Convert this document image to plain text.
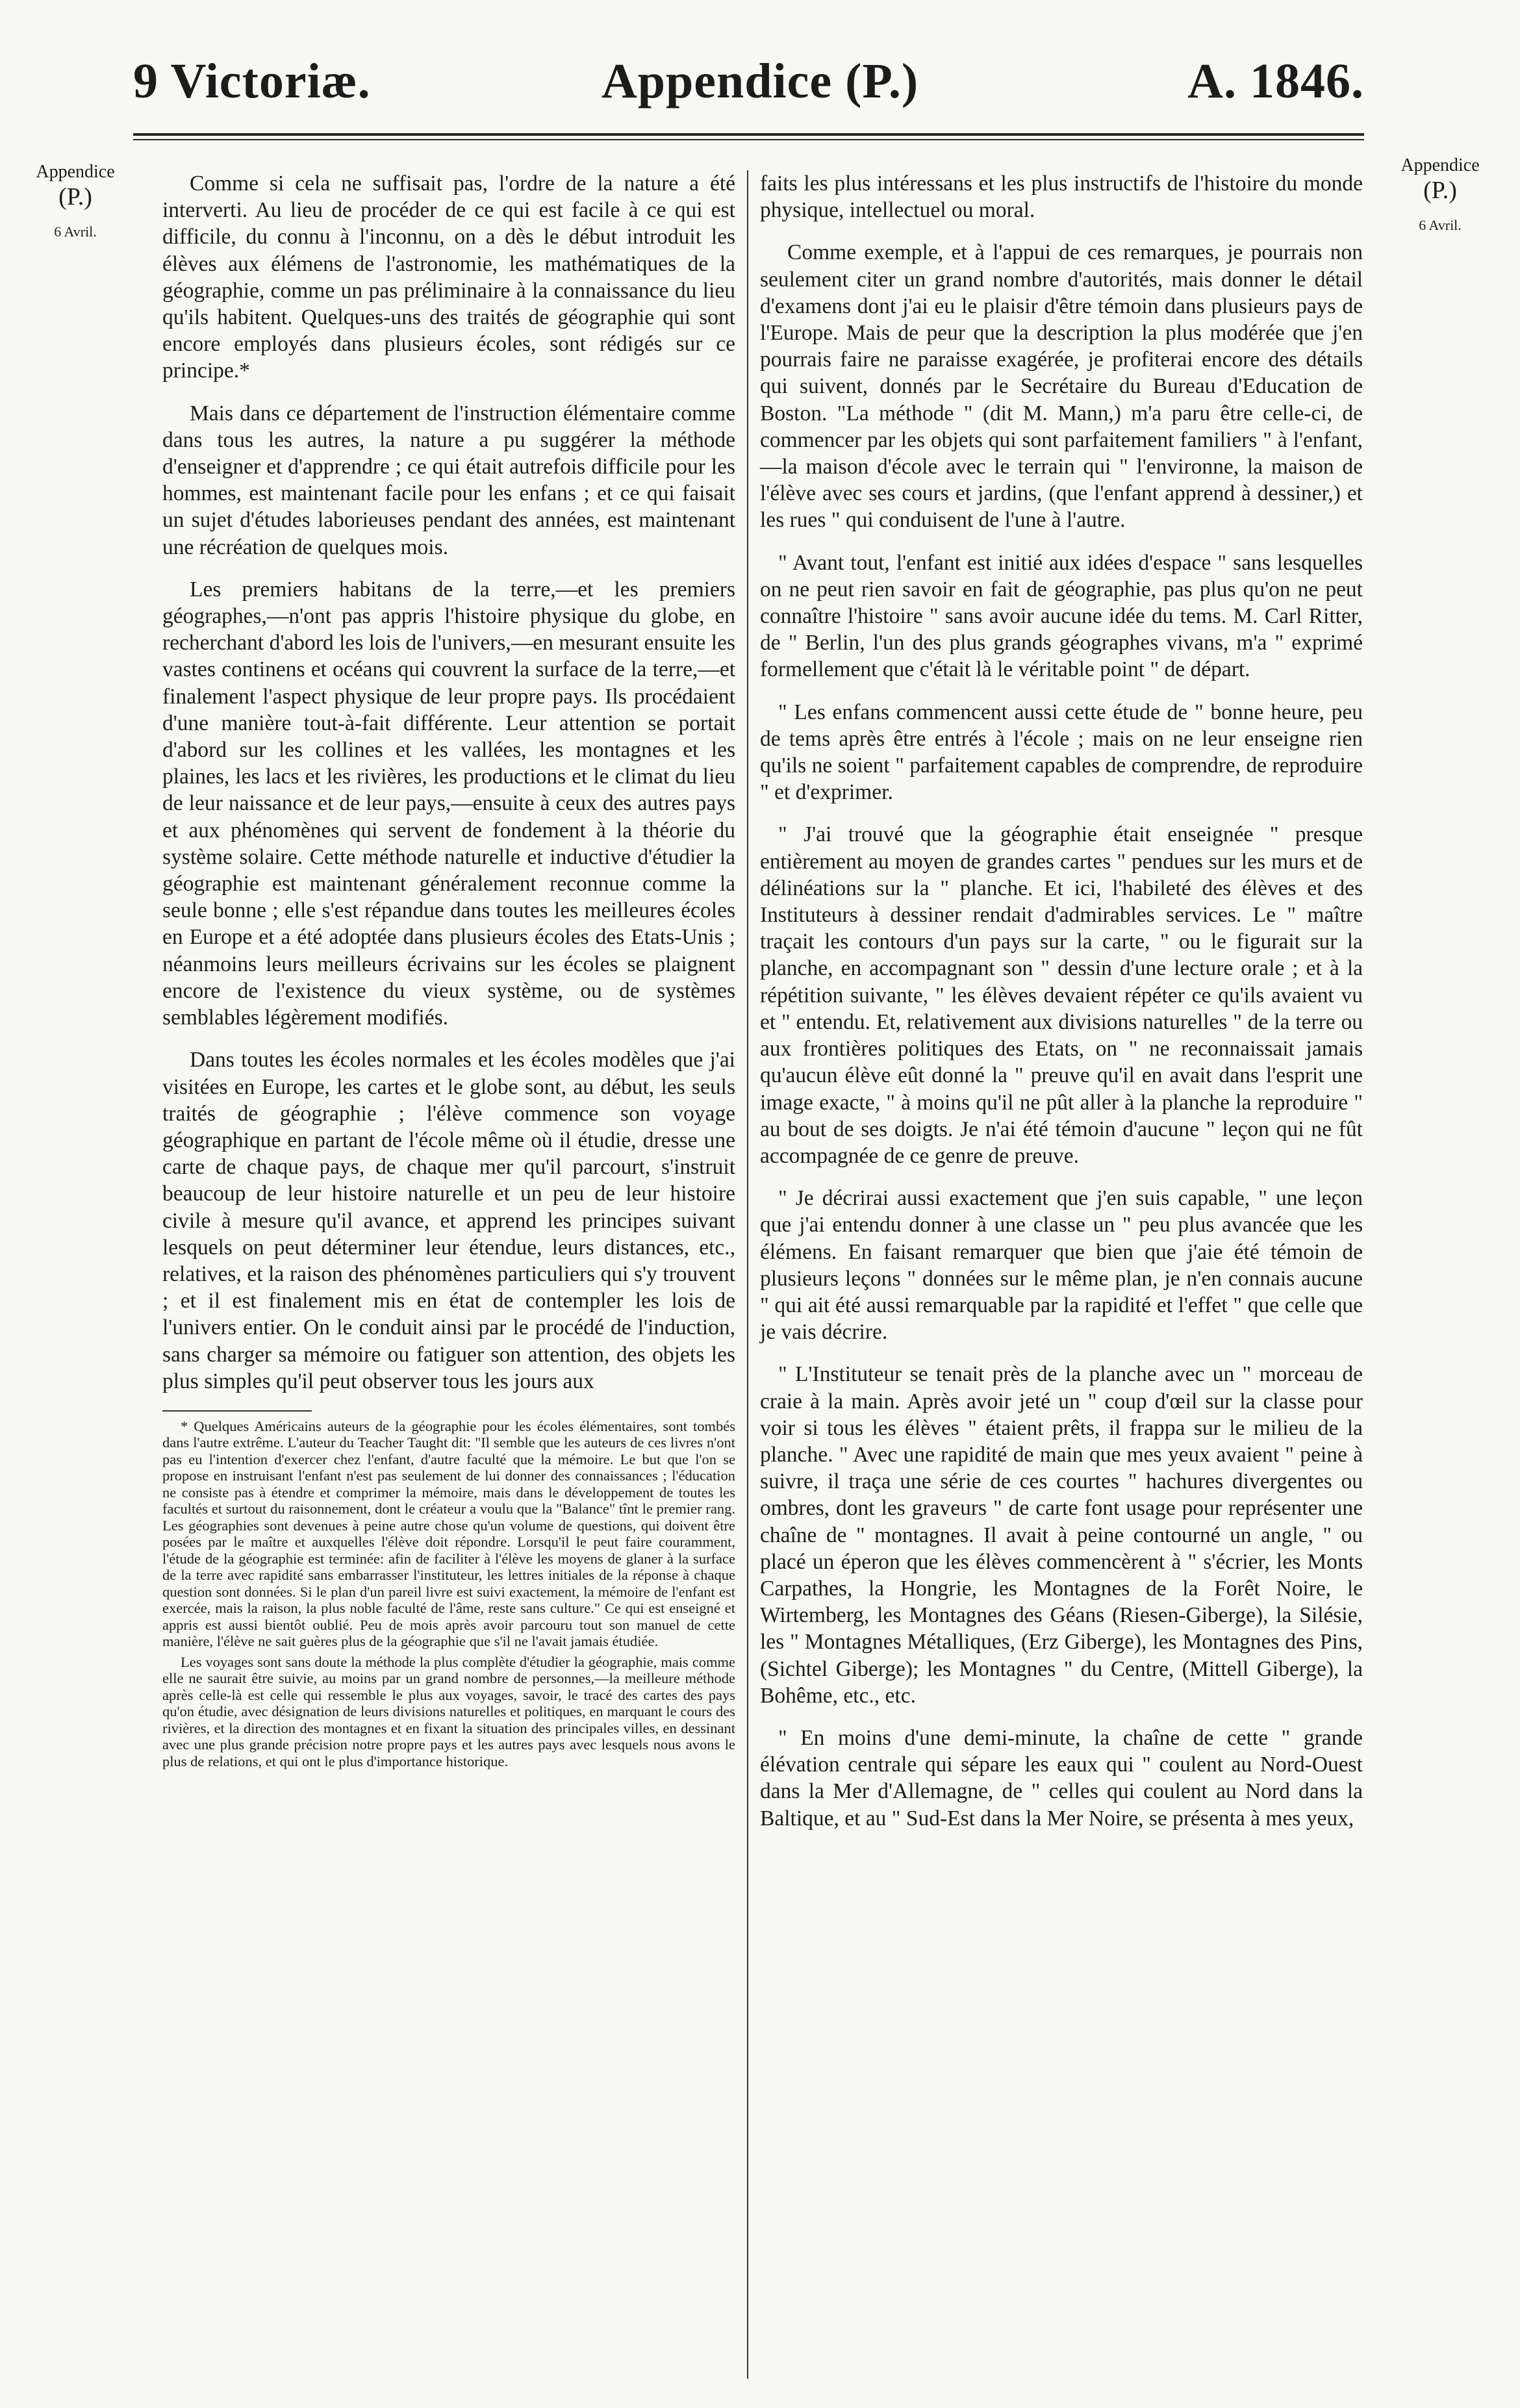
9 Victoriæ.	Appendice (P.)	A. 1846.
Appendice
(P.)
6 Avril.
Appendice
(P.)
6 Avril.

Comme si cela ne suffisait pas, l'ordre de la nature a été interverti. Au lieu de procéder de ce qui est facile à ce qui est difficile, du connu à l'inconnu, on a dès le début introduit les élèves aux élémens de l'astronomie, les mathématiques de la géographie, comme un pas préliminaire à la connaissance du lieu qu'ils habitent. Quelques-uns des traités de géographie qui sont encore employés dans plusieurs écoles, sont rédigés sur ce principe.*

Mais dans ce département de l'instruction élémentaire comme dans tous les autres, la nature a pu suggérer la méthode d'enseigner et d'apprendre ; ce qui était autrefois difficile pour les hommes, est maintenant facile pour les enfans ; et ce qui faisait un sujet d'études laborieuses pendant des années, est maintenant une récréation de quelques mois.

Les premiers habitans de la terre,—et les premiers géographes,—n'ont pas appris l'histoire physique du globe, en recherchant d'abord les lois de l'univers,—en mesurant ensuite les vastes continens et océans qui couvrent la surface de la terre,—et finalement l'aspect physique de leur propre pays. Ils procédaient d'une manière tout-à-fait différente. Leur attention se portait d'abord sur les collines et les vallées, les montagnes et les plaines, les lacs et les rivières, les productions et le climat du lieu de leur naissance et de leur pays,—ensuite à ceux des autres pays et aux phénomènes qui servent de fondement à la théorie du système solaire. Cette méthode naturelle et inductive d'étudier la géographie est maintenant généralement reconnue comme la seule bonne ; elle s'est répandue dans toutes les meilleures écoles en Europe et a été adoptée dans plusieurs écoles des Etats-Unis ; néanmoins leurs meilleurs écrivains sur les écoles se plaignent encore de l'existence du vieux système, ou de systèmes semblables légèrement modifiés.

Dans toutes les écoles normales et les écoles modèles que j'ai visitées en Europe, les cartes et le globe sont, au début, les seuls traités de géographie ; l'élève commence son voyage géographique en partant de l'école même où il étudie, dresse une carte de chaque pays, de chaque mer qu'il parcourt, s'instruit beaucoup de leur histoire naturelle et un peu de leur histoire civile à mesure qu'il avance, et apprend les principes suivant lesquels on peut déterminer leur étendue, leurs distances, etc., relatives, et la raison des phénomènes particuliers qui s'y trouvent ; et il est finalement mis en état de contempler les lois de l'univers entier. On le conduit ainsi par le procédé de l'induction, sans charger sa mémoire ou fatiguer son attention, des objets les plus simples qu'il peut observer tous les jours aux

* Quelques Américains auteurs de la géographie pour les écoles élémentaires, sont tombés dans l'autre extrême. L'auteur du Teacher Taught dit: "Il semble que les auteurs de ces livres n'ont pas eu l'intention d'exercer chez l'enfant, d'autre faculté que la mémoire. Le but que l'on se propose en instruisant l'enfant n'est pas seulement de lui donner des connaissances ; l'éducation ne consiste pas à étendre et comprimer la mémoire, mais dans le développement de toutes les facultés et surtout du raisonnement, dont le créateur a voulu que la "Balance" tînt le premier rang. Les géographies sont devenues à peine autre chose qu'un volume de questions, qui doivent être posées par le maître et auxquelles l'élève doit répondre. Lorsqu'il le peut faire couramment, l'étude de la géographie est terminée: afin de faciliter à l'élève les moyens de glaner à la surface de la terre avec rapidité sans embarrasser l'instituteur, les lettres initiales de la réponse à chaque question sont données. Si le plan d'un pareil livre est suivi exactement, la mémoire de l'enfant est exercée, mais la raison, la plus noble faculté de l'âme, reste sans culture." Ce qui est enseigné et appris est aussi bientôt oublié. Peu de mois après avoir parcouru tout son manuel de cette manière, l'élève ne sait guères plus de la géographie que s'il ne l'avait jamais étudiée.

Les voyages sont sans doute la méthode la plus complète d'étudier la géographie, mais comme elle ne saurait être suivie, au moins par un grand nombre de personnes,—la meilleure méthode après celle-là est celle qui ressemble le plus aux voyages, savoir, le tracé des cartes des pays qu'on étudie, avec désignation de leurs divisions naturelles et politiques, en marquant le cours des rivières, et la direction des montagnes et en fixant la situation des principales villes, en dessinant avec une plus grande précision notre propre pays et les autres pays avec lesquels nous avons le plus de relations, et qui ont le plus d'importance historique.

faits les plus intéressans et les plus instructifs de l'histoire du monde physique, intellectuel ou moral.

Comme exemple, et à l'appui de ces remarques, je pourrais non seulement citer un grand nombre d'autorités, mais donner le détail d'examens dont j'ai eu le plaisir d'être témoin dans plusieurs pays de l'Europe. Mais de peur que la description la plus modérée que j'en pourrais faire ne paraisse exagérée, je profiterai encore des détails qui suivent, donnés par le Secrétaire du Bureau d'Education de Boston. "La méthode " (dit M. Mann,) m'a paru être celle-ci, de commencer par les objets qui sont parfaitement familiers " à l'enfant,—la maison d'école avec le terrain qui " l'environne, la maison de l'élève avec ses cours et jardins, (que l'enfant apprend à dessiner,) et les rues " qui conduisent de l'une à l'autre.

" Avant tout, l'enfant est initié aux idées d'espace " sans lesquelles on ne peut rien savoir en fait de géographie, pas plus qu'on ne peut connaître l'histoire " sans avoir aucune idée du tems. M. Carl Ritter, de " Berlin, l'un des plus grands géographes vivans, m'a " exprimé formellement que c'était là le véritable point " de départ.

" Les enfans commencent aussi cette étude de " bonne heure, peu de tems après être entrés à l'école ; mais on ne leur enseigne rien qu'ils ne soient " parfaitement capables de comprendre, de reproduire " et d'exprimer.

" J'ai trouvé que la géographie était enseignée " presque entièrement au moyen de grandes cartes " pendues sur les murs et de délinéations sur la " planche. Et ici, l'habileté des élèves et des Instituteurs à dessiner rendait d'admirables services. Le " maître traçait les contours d'un pays sur la carte, " ou le figurait sur la planche, en accompagnant son " dessin d'une lecture orale ; et à la répétition suivante, " les élèves devaient répéter ce qu'ils avaient vu et " entendu. Et, relativement aux divisions naturelles " de la terre ou aux frontières politiques des Etats, on " ne reconnaissait jamais qu'aucun élève eût donné la " preuve qu'il en avait dans l'esprit une image exacte, " à moins qu'il ne pût aller à la planche la reproduire " au bout de ses doigts. Je n'ai été témoin d'aucune " leçon qui ne fût accompagnée de ce genre de preuve.

" Je décrirai aussi exactement que j'en suis capable, " une leçon que j'ai entendu donner à une classe un " peu plus avancée que les élémens. En faisant remarquer que bien que j'aie été témoin de plusieurs leçons " données sur le même plan, je n'en connais aucune " qui ait été aussi remarquable par la rapidité et l'effet " que celle que je vais décrire.

" L'Instituteur se tenait près de la planche avec un " morceau de craie à la main. Après avoir jeté un " coup d'œil sur la classe pour voir si tous les élèves " étaient prêts, il frappa sur le milieu de la planche. " Avec une rapidité de main que mes yeux avaient " peine à suivre, il traça une série de ces courtes " hachures divergentes ou ombres, dont les graveurs " de carte font usage pour représenter une chaîne de " montagnes. Il avait à peine contourné un angle, " ou placé un éperon que les élèves commencèrent à " s'écrier, les Monts Carpathes, la Hongrie, les Montagnes de la Forêt Noire, le Wirtemberg, les Montagnes des Géans (Riesen-Giberge), la Silésie, les " Montagnes Métalliques, (Erz Giberge), les Montagnes des Pins, (Sichtel Giberge); les Montagnes " du Centre, (Mittell Giberge), la Bohême, etc., etc.

" En moins d'une demi-minute, la chaîne de cette " grande élévation centrale qui sépare les eaux qui " coulent au Nord-Ouest dans la Mer d'Allemagne, de " celles qui coulent au Nord dans la Baltique, et au " Sud-Est dans la Mer Noire, se présenta à mes yeux,
